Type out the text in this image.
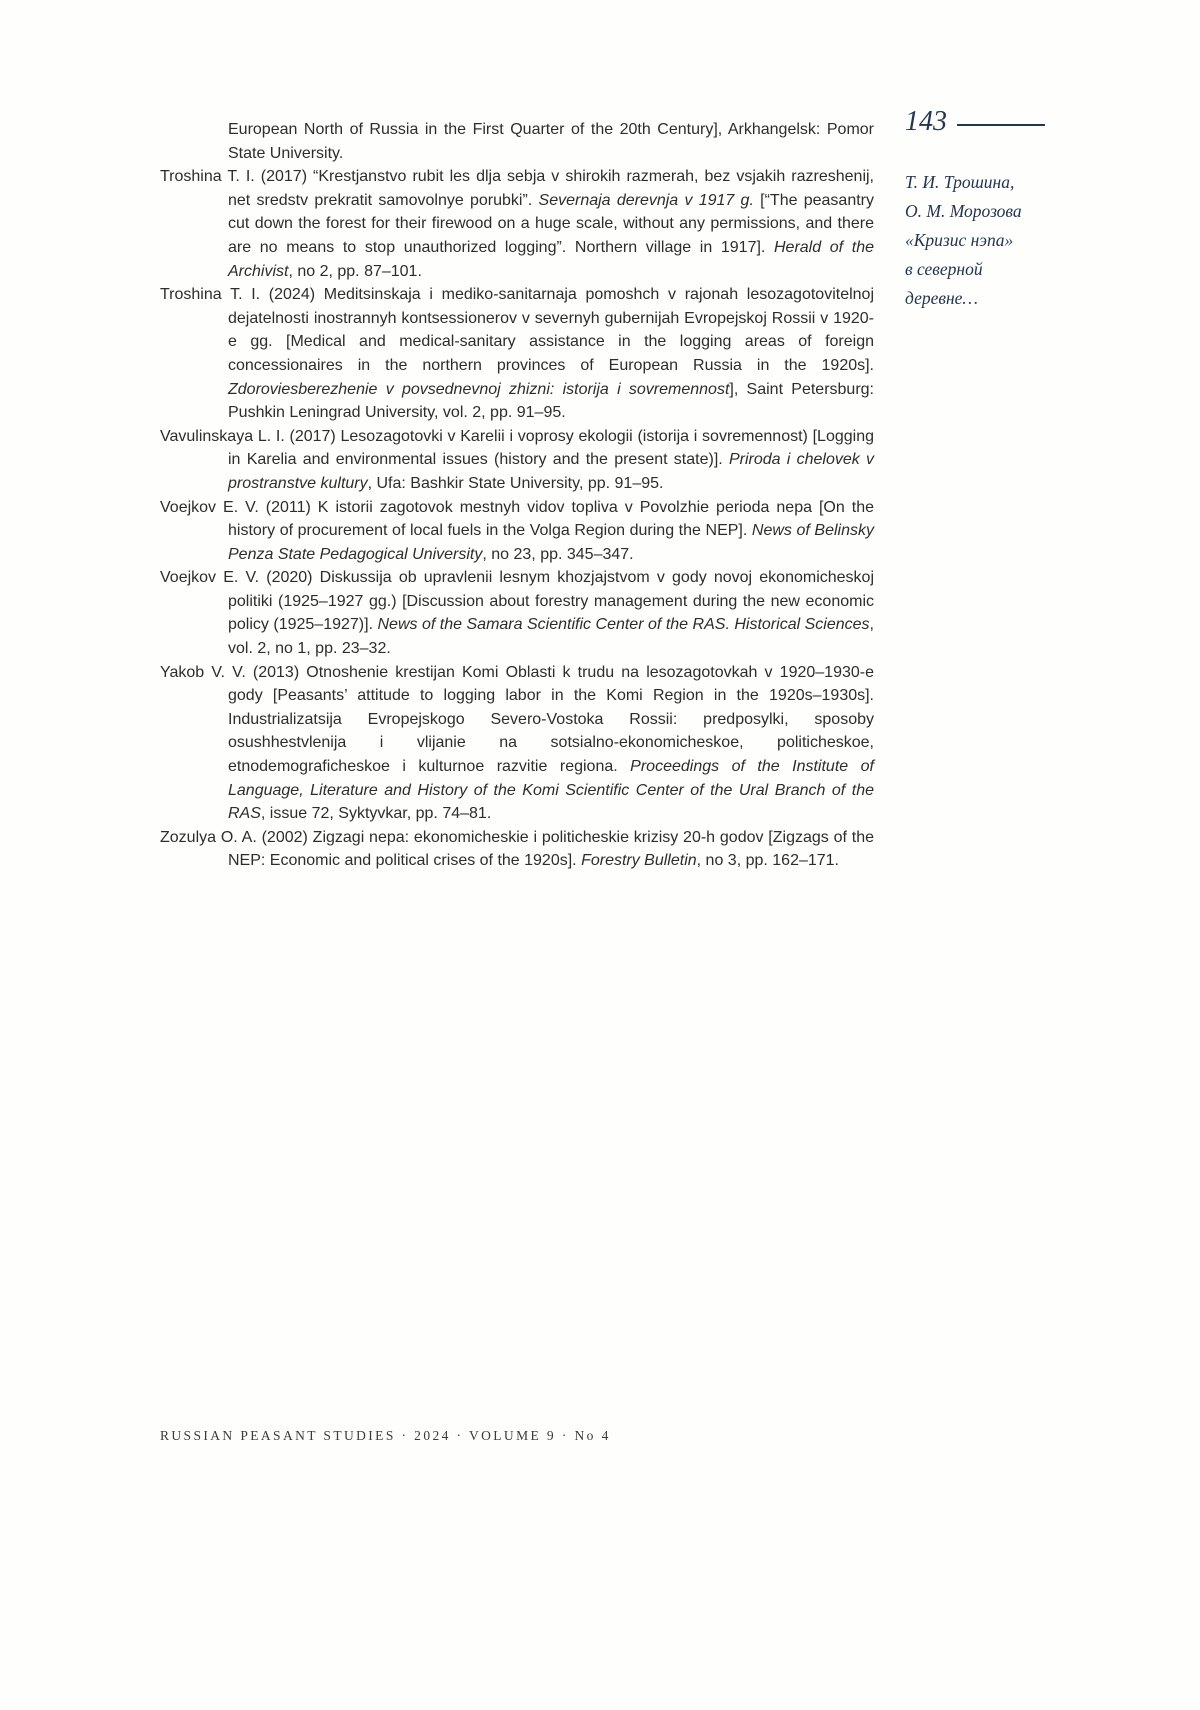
143
Т. И. Трошина,
О. М. Морозова
«Кризис нэпа»
в северной
деревне…

European North of Russia in the First Quarter of the 20th Century], Arkhangelsk: Pomor State University.

Troshina T. I. (2017) “Krestjanstvo rubit les dlja sebja v shirokih razmerah, bez vsjakih razreshenij, net sredstv prekratit samovolnye porubki”. Severnaja derevnja v 1917 g. [“The peasantry cut down the forest for their firewood on a huge scale, without any permissions, and there are no means to stop unauthorized logging”. Northern village in 1917]. Herald of the Archivist, no 2, pp. 87–101.

Troshina T. I. (2024) Meditsinskaja i mediko-sanitarnaja pomoshch v rajonah lesozagotovitelnoj dejatelnosti inostrannyh kontsessionerov v severnyh gubernijah Evropejskoj Rossii v 1920-e gg. [Medical and medical-sanitary assistance in the logging areas of foreign concessionaires in the northern provinces of European Russia in the 1920s]. Zdoroviesberezhenie v povsednevnoj zhizni: istorija i sovremennost], Saint Petersburg: Pushkin Leningrad University, vol. 2, pp. 91–95.

Vavulinskaya L. I. (2017) Lesozagotovki v Karelii i voprosy ekologii (istorija i sovremennost) [Logging in Karelia and environmental issues (history and the present state)]. Priroda i chelovek v prostranstve kultury, Ufa: Bashkir State University, pp. 91–95.

Voejkov E. V. (2011) K istorii zagotovok mestnyh vidov topliva v Povolzhie perioda nepa [On the history of procurement of local fuels in the Volga Region during the NEP]. News of Belinsky Penza State Pedagogical University, no 23, pp. 345–347.

Voejkov E. V. (2020) Diskussija ob upravlenii lesnym khozjajstvom v gody novoj ekonomicheskoj politiki (1925–1927 gg.) [Discussion about forestry management during the new economic policy (1925–1927)]. News of the Samara Scientific Center of the RAS. Historical Sciences, vol. 2, no 1, pp. 23–32.

Yakob V. V. (2013) Otnoshenie krestijan Komi Oblasti k trudu na lesozagotovkah v 1920–1930-e gody [Peasants’ attitude to logging labor in the Komi Region in the 1920s–1930s]. Industrializatsija Evropejskogo Severo-Vostoka Rossii: predposylki, sposoby osushhestvlenija i vlijanie na sotsialno-ekonomicheskoe, politicheskoe, etnodemograficheskoe i kulturnoe razvitie regiona. Proceedings of the Institute of Language, Literature and History of the Komi Scientific Center of the Ural Branch of the RAS, issue 72, Syktyvkar, pp. 74–81.

Zozulya O. A. (2002) Zigzagi nepa: ekonomicheskie i politicheskie krizisy 20-h godov [Zigzags of the NEP: Economic and political crises of the 1920s]. Forestry Bulletin, no 3, pp. 162–171.

RUSSIAN PEASANT STUDIES · 2024 · VOLUME 9 · No 4
